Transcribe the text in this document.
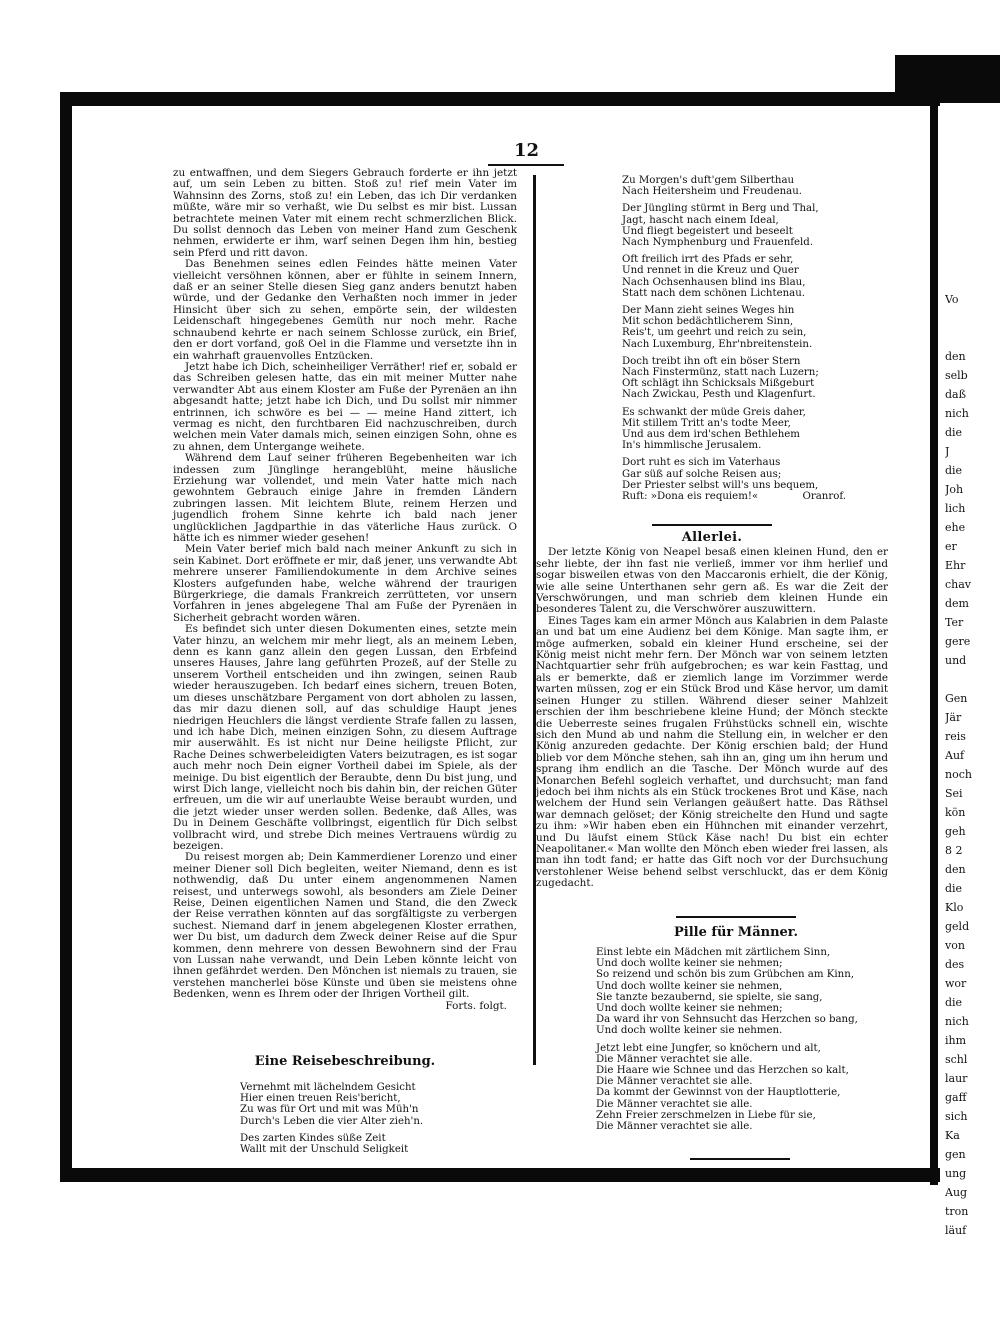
12

zu entwaffnen, und dem Siegers Gebrauch forderte er ihn jetzt auf, um sein Leben zu bitten. Stoß zu! rief mein Vater im Wahnsinn des Zorns, stoß zu! ein Leben, das ich Dir verdanken müßte, wäre mir so verhaßt, wie Du selbst es mir bist. Lussan betrachtete meinen Vater mit einem recht schmerzlichen Blick. Du sollst dennoch das Leben von meiner Hand zum Geschenk nehmen, erwiderte er ihm, warf seinen Degen ihm hin, bestieg sein Pferd und ritt davon.

Das Benehmen seines edlen Feindes hätte meinen Vater vielleicht versöhnen können, aber er fühlte in seinem Innern, daß er an seiner Stelle diesen Sieg ganz anders benutzt haben würde, und der Gedanke den Verhaßten noch immer in jeder Hinsicht über sich zu sehen, empörte sein, der wildesten Leidenschaft hingegebenes Gemüth nur noch mehr. Rache schnaubend kehrte er nach seinem Schlosse zurück, ein Brief, den er dort vorfand, goß Oel in die Flamme und versetzte ihn in ein wahrhaft grauenvolles Entzücken.

Jetzt habe ich Dich, scheinheiliger Verräther! rief er, sobald er das Schreiben gelesen hatte, das ein mit meiner Mutter nahe verwandter Abt aus einem Kloster am Fuße der Pyrenäen an ihn abgesandt hatte; jetzt habe ich Dich, und Du sollst mir nimmer entrinnen, ich schwöre es bei — — meine Hand zittert, ich vermag es nicht, den furchtbaren Eid nachzuschreiben, durch welchen mein Vater damals mich, seinen einzigen Sohn, ohne es zu ahnen, dem Untergange weihete.

Während dem Lauf seiner früheren Begebenheiten war ich indessen zum Jünglinge herangeblüht, meine häusliche Erziehung war vollendet, und mein Vater hatte mich nach gewohntem Gebrauch einige Jahre in fremden Ländern zubringen lassen. Mit leichtem Blute, reinem Herzen und jugendlich frohem Sinne kehrte ich bald nach jener unglücklichen Jagdparthie in das väterliche Haus zurück. O hätte ich es nimmer wieder gesehen!

Mein Vater berief mich bald nach meiner Ankunft zu sich in sein Kabinet. Dort eröffnete er mir, daß jener, uns verwandte Abt mehrere unserer Familiendokumente in dem Archive seines Klosters aufgefunden habe, welche während der traurigen Bürgerkriege, die damals Frankreich zerrütteten, vor unsern Vorfahren in jenes abgelegene Thal am Fuße der Pyrenäen in Sicherheit gebracht worden wären.

Es befindet sich unter diesen Dokumenten eines, setzte mein Vater hinzu, an welchem mir mehr liegt, als an meinem Leben, denn es kann ganz allein den gegen Lussan, den Erbfeind unseres Hauses, Jahre lang geführten Prozeß, auf der Stelle zu unserem Vortheil entscheiden und ihn zwingen, seinen Raub wieder herauszugeben. Ich bedarf eines sichern, treuen Boten, um dieses unschätzbare Pergament von dort abholen zu lassen, das mir dazu dienen soll, auf das schuldige Haupt jenes niedrigen Heuchlers die längst verdiente Strafe fallen zu lassen, und ich habe Dich, meinen einzigen Sohn, zu diesem Auftrage mir auserwählt. Es ist nicht nur Deine heiligste Pflicht, zur Rache Deines schwerbeleidigten Vaters beizutragen, es ist sogar auch mehr noch Dein eigner Vortheil dabei im Spiele, als der meinige. Du bist eigentlich der Beraubte, denn Du bist jung, und wirst Dich lange, vielleicht noch bis dahin bin, der reichen Güter erfreuen, um die wir auf unerlaubte Weise beraubt wurden, und die jetzt wieder unser werden sollen. Bedenke, daß Alles, was Du in Deinem Geschäfte vollbringst, eigentlich für Dich selbst vollbracht wird, und strebe Dich meines Vertrauens würdig zu bezeigen.

Du reisest morgen ab; Dein Kammerdiener Lorenzo und einer meiner Diener soll Dich begleiten, weiter Niemand, denn es ist nothwendig, daß Du unter einem angenommenen Namen reisest, und unterwegs sowohl, als besonders am Ziele Deiner Reise, Deinen eigentlichen Namen und Stand, die den Zweck der Reise verrathen könnten auf das sorgfältigste zu verbergen suchest. Niemand darf in jenem abgelegenen Kloster errathen, wer Du bist, um dadurch dem Zweck deiner Reise auf die Spur kommen, denn mehrere von dessen Bewohnern sind der Frau von Lussan nahe verwandt, und Dein Leben könnte leicht von ihnen gefährdet werden. Den Mönchen ist niemals zu trauen, sie verstehen mancherlei böse Künste und üben sie meistens ohne Bedenken, wenn es Ihrem oder der Ihrigen Vortheil gilt.

Forts. folgt.
Eine Reisebeschreibung.
Vernehmt mit lächelndem Gesicht
Hier einen treuen Reis'bericht,
Zu was für Ort und mit was Müh'n
Durch's Leben die vier Alter zieh'n.
Des zarten Kindes süße Zeit
Wallt mit der Unschuld Seligkeit
Zu Morgen's duft'gem Silberthau
Nach Heitersheim und Freudenau.
Der Jüngling stürmt in Berg und Thal,
Jagt, hascht nach einem Ideal,
Und fliegt begeistert und beseelt
Nach Nymphenburg und Frauenfeld.
Oft freilich irrt des Pfads er sehr,
Und rennet in die Kreuz und Quer
Nach Ochsenhausen blind ins Blau,
Statt nach dem schönen Lichtenau.
Der Mann zieht seines Weges hin
Mit schon bedächtlicherem Sinn,
Reis't, um geehrt und reich zu sein,
Nach Luxemburg, Ehr'nbreitenstein.
Doch treibt ihn oft ein böser Stern
Nach Finstermünz, statt nach Luzern;
Oft schlägt ihn Schicksals Mißgeburt
Nach Zwickau, Pesth und Klagenfurt.
Es schwankt der müde Greis daher,
Mit stillem Tritt an's todte Meer,
Und aus dem ird'schen Bethlehem
In's himmlische Jerusalem.
Dort ruht es sich im Vaterhaus
Gar süß auf solche Reisen aus;
Der Priester selbst will's uns bequem,
Ruft: »Dona eis requiem!«	Oranrof.
Allerlei.

Der letzte König von Neapel besaß einen kleinen Hund, den er sehr liebte, der ihn fast nie verließ, immer vor ihm herlief und sogar bisweilen etwas von den Maccaronis erhielt, die der König, wie alle seine Unterthanen sehr gern aß. Es war die Zeit der Verschwörungen, und man schrieb dem kleinen Hunde ein besonderes Talent zu, die Verschwörer auszuwittern.

Eines Tages kam ein armer Mönch aus Kalabrien in dem Palaste an und bat um eine Audienz bei dem Könige. Man sagte ihm, er möge aufmerken, sobald ein kleiner Hund erscheine, sei der König meist nicht mehr fern. Der Mönch war von seinem letzten Nachtquartier sehr früh aufgebrochen; es war kein Fasttag, und als er bemerkte, daß er ziemlich lange im Vorzimmer werde warten müssen, zog er ein Stück Brod und Käse hervor, um damit seinen Hunger zu stillen. Während dieser seiner Mahlzeit erschien der ihm beschriebene kleine Hund; der Mönch steckte die Ueberreste seines frugalen Frühstücks schnell ein, wischte sich den Mund ab und nahm die Stellung ein, in welcher er den König anzureden gedachte. Der König erschien bald; der Hund blieb vor dem Mönche stehen, sah ihn an, ging um ihn herum und sprang ihm endlich an die Tasche. Der Mönch wurde auf des Monarchen Befehl sogleich verhaftet, und durchsucht; man fand jedoch bei ihm nichts als ein Stück trockenes Brot und Käse, nach welchem der Hund sein Verlangen geäußert hatte. Das Räthsel war demnach gelöset; der König streichelte den Hund und sagte zu ihm: »Wir haben eben ein Hühnchen mit einander verzehrt, und Du läufst einem Stück Käse nach! Du bist ein echter Neapolitaner.« Man wollte den Mönch eben wieder frei lassen, als man ihn todt fand; er hatte das Gift noch vor der Durchsuchung verstohlener Weise behend selbst verschluckt, das er dem König zugedacht.

Pille für Männer.
Einst lebte ein Mädchen mit zärtlichem Sinn,
Und doch wollte keiner sie nehmen;
So reizend und schön bis zum Grübchen am Kinn,
Und doch wollte keiner sie nehmen,
Sie tanzte bezaubernd, sie spielte, sie sang,
Und doch wollte keiner sie nehmen;
Da ward ihr von Sehnsucht das Herzchen so bang,
Und doch wollte keiner sie nehmen.
Jetzt lebt eine Jungfer, so knöchern und alt,
Die Männer verachtet sie alle.
Die Haare wie Schnee und das Herzchen so kalt,
Die Männer verachtet sie alle.
Da kommt der Gewinnst von der Hauptlotterie,
Die Männer verachtet sie alle.
Zehn Freier zerschmelzen in Liebe für sie,
Die Männer verachtet sie alle.
Vo
den
selb
daß
nich
die
J
die
Joh
lich
ehe
er
Ehr
chav
dem
Ter
gere
und
Gen
Jär
reis
Auf
noch
Sei
kön
geh
8 2
den
die
Klo
geld
von
des
wor
die
nich
ihm
schl
laur
gaff
sich
Ka
gen
ung
Aug
tron
läuf
